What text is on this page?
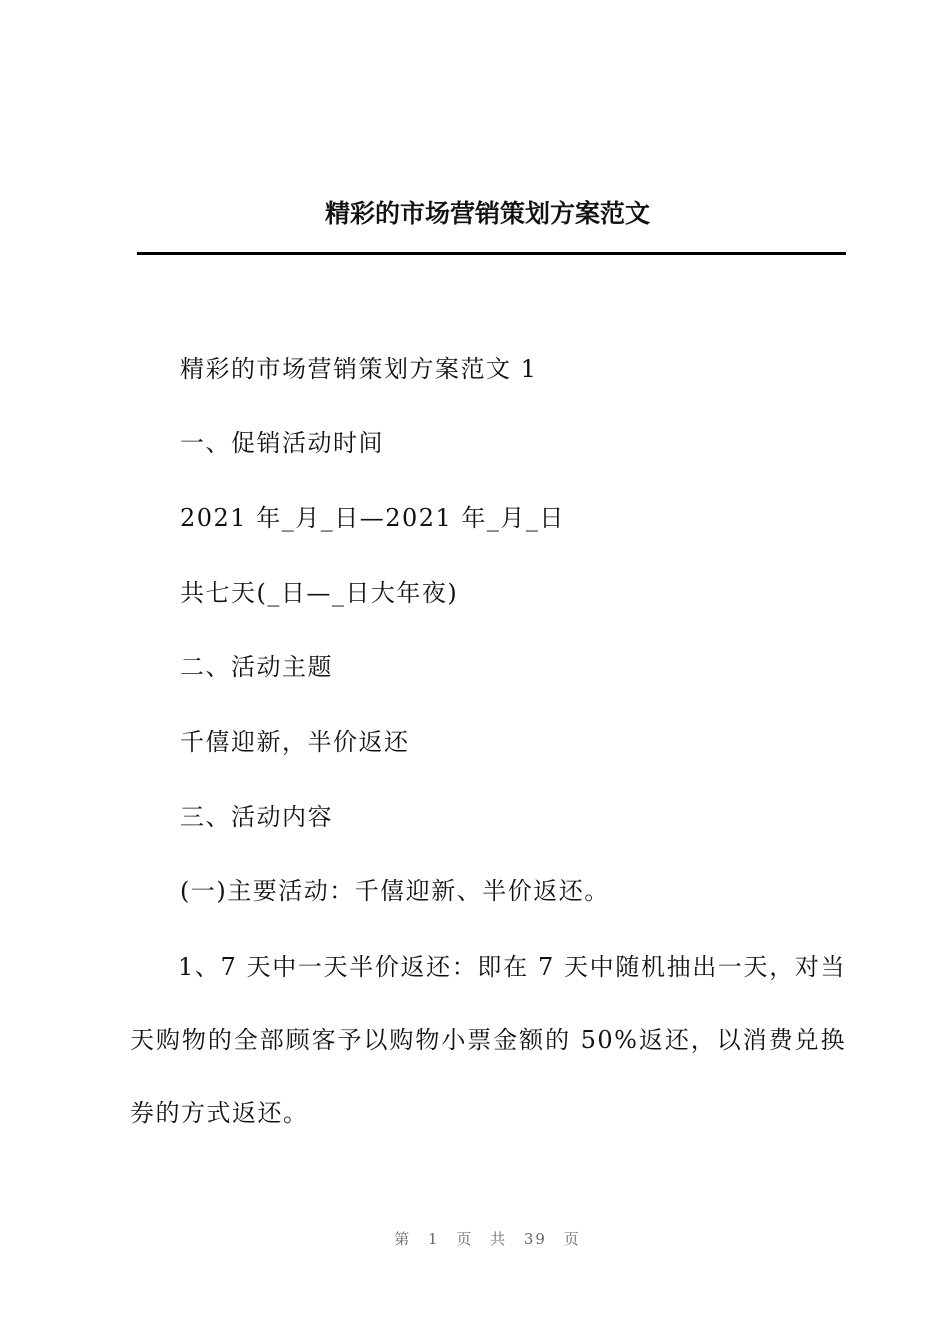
精彩的市场营销策划方案范文
精彩的市场营销策划方案范文 1
一、促销活动时间
2021 年_月_日—2021 年_月_日
共七天(_日—_日大年夜)
二、活动主题
千僖迎新，半价返还
三、活动内容
(一)主要活动：千僖迎新、半价返还。
1、7 天中一天半价返还：即在 7 天中随机抽出一天，对当天购物的全部顾客予以购物小票金额的 50%返还，以消费兑换券的方式返还。
第 1 页 共 39 页
